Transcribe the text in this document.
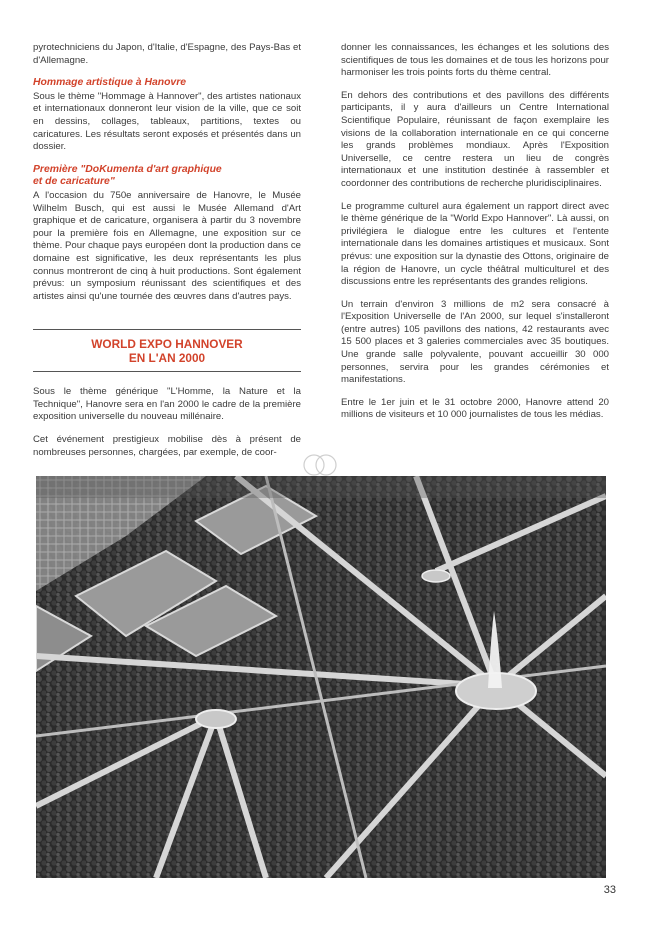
pyrotechniciens du Japon, d'Italie, d'Espagne, des Pays-Bas et d'Allemagne.

Hommage artistique à Hanovre

Sous le thème "Hommage à Hannover", des artistes nationaux et internationaux donneront leur vision de la ville, que ce soit en dessins, collages, tableaux, partitions, textes ou caricatures. Les résultats seront exposés et présentés dans un dossier.

Première "DoKumenta d'art graphique
et de caricature"

A l'occasion du 750e anniversaire de Hanovre, le Musée Wilhelm Busch, qui est aussi le Musée Allemand d'Art graphique et de caricature, organisera à partir du 3 novembre pour la première fois en Allemagne, une exposition sur ce thème. Pour chaque pays européen dont la production dans ce domaine est significative, les deux représentants les plus connus montreront de cinq à huit productions. Sont également prévus: un symposium réunissant des scientifiques et des artistes ainsi qu'une tournée des œuvres dans d'autres pays.

WORLD EXPO HANNOVER
EN L'AN 2000

Sous le thème générique "L'Homme, la Nature et la Technique", Hanovre sera en l'an 2000 le cadre de la première exposition universelle du nouveau millénaire.

Cet événement prestigieux mobilise dès à présent de nombreuses personnes, chargées, par exemple, de coor-

donner les connaissances, les échanges et les solutions des scientifiques de tous les domaines et de tous les horizons pour harmoniser les trois points forts du thème central.

En dehors des contributions et des pavillons des différents participants, il y aura d'ailleurs un Centre International Scientifique Populaire, réunissant de façon exemplaire les visions de la collaboration internationale en ce qui concerne les grands problèmes mondiaux. Après l'Exposition Universelle, ce centre restera un lieu de congrès internationaux et une institution destinée à rassembler et coordonner des contributions de recherche pluridisciplinaires.

Le programme culturel aura également un rapport direct avec le thème générique de la "World Expo Hannover". Là aussi, on privilégiera le dialogue entre les cultures et l'entente internationale dans les domaines artistiques et musicaux. Sont prévus: une exposition sur la dynastie des Ottons, originaire de la région de Hanovre, un cycle théâtral multiculturel et des discussions entre les représentants des grandes religions.

Un terrain d'environ 3 millions de m2 sera consacré à l'Exposition Universelle de l'An 2000, sur lequel s'installeront (entre autres) 105 pavillons des nations, 42 restaurants avec 15 500 places et 3 galeries commerciales avec 35 boutiques. Une grande salle polyvalente, pouvant accueillir 30 000 personnes, servira pour les grandes cérémonies et manifestations.

Entre le 1er juin et le 31 octobre 2000, Hanovre attend 20 millions de visiteurs et 10 000 journalistes de tous les médias.

33
